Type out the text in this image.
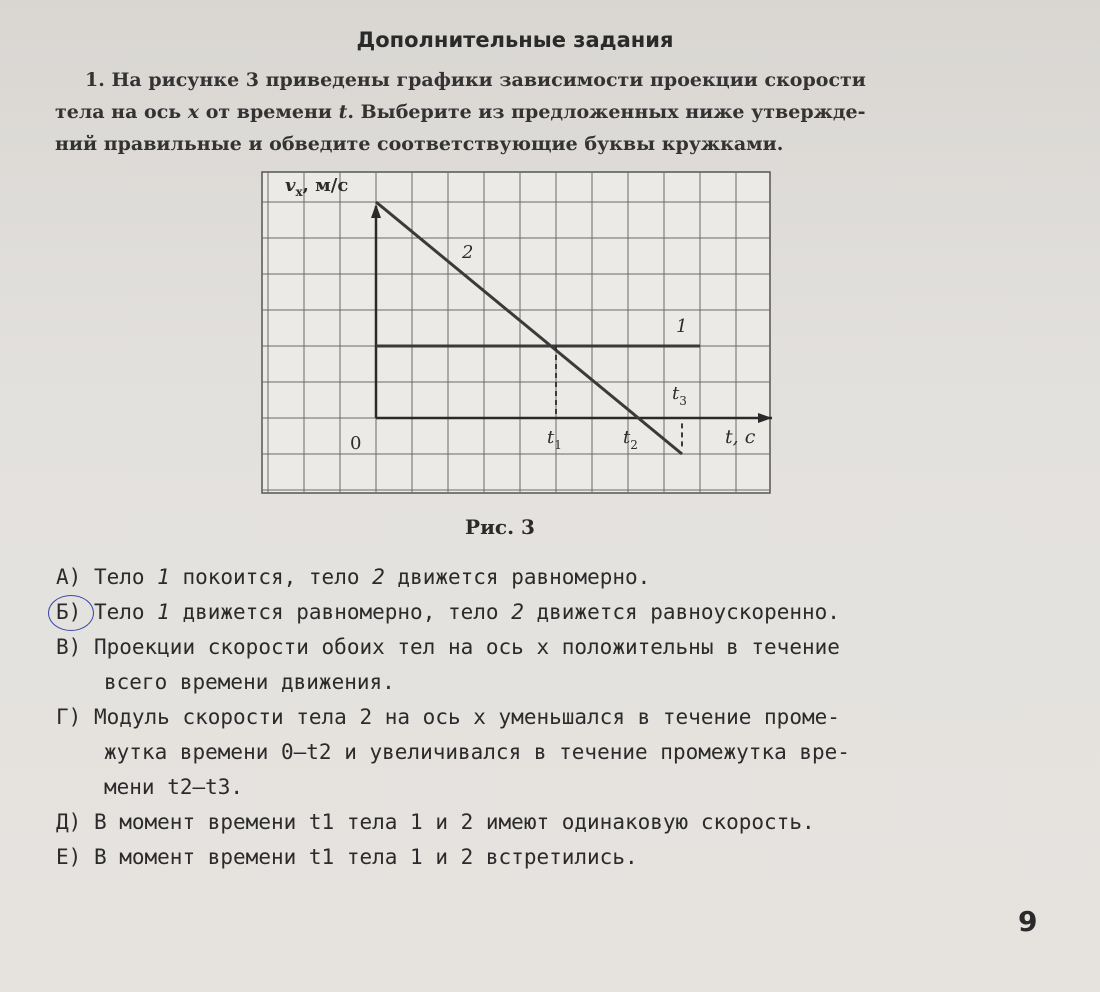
Дополнительные задания
1. На рисунке 3 приведены графики зависимости проекции скорости
тела на ось x от времени t. Выберите из предложенных ниже утвержде-
ний правильные и обведите соответствующие буквы кружками.
$v_x$, м/с
t, с
0
2
1
$t_1$	$t_2$
$t_3$
Рис. 3
А) Тело 1 покоится, тело 2 движется равномерно.
Б) Тело 1 движется равномерно, тело 2 движется равноускоренно.
В) Проекции скорости обоих тел на ось x положительны в течение
всего времени движения.
Г) Модуль скорости тела 2 на ось x уменьшался в течение проме-
жутка времени 0—t2 и увеличивался в течение промежутка вре-
мени t2—t3.
Д) В момент времени t1 тела 1 и 2 имеют одинаковую скорость.
Е) В момент времени t1 тела 1 и 2 встретились.
9
